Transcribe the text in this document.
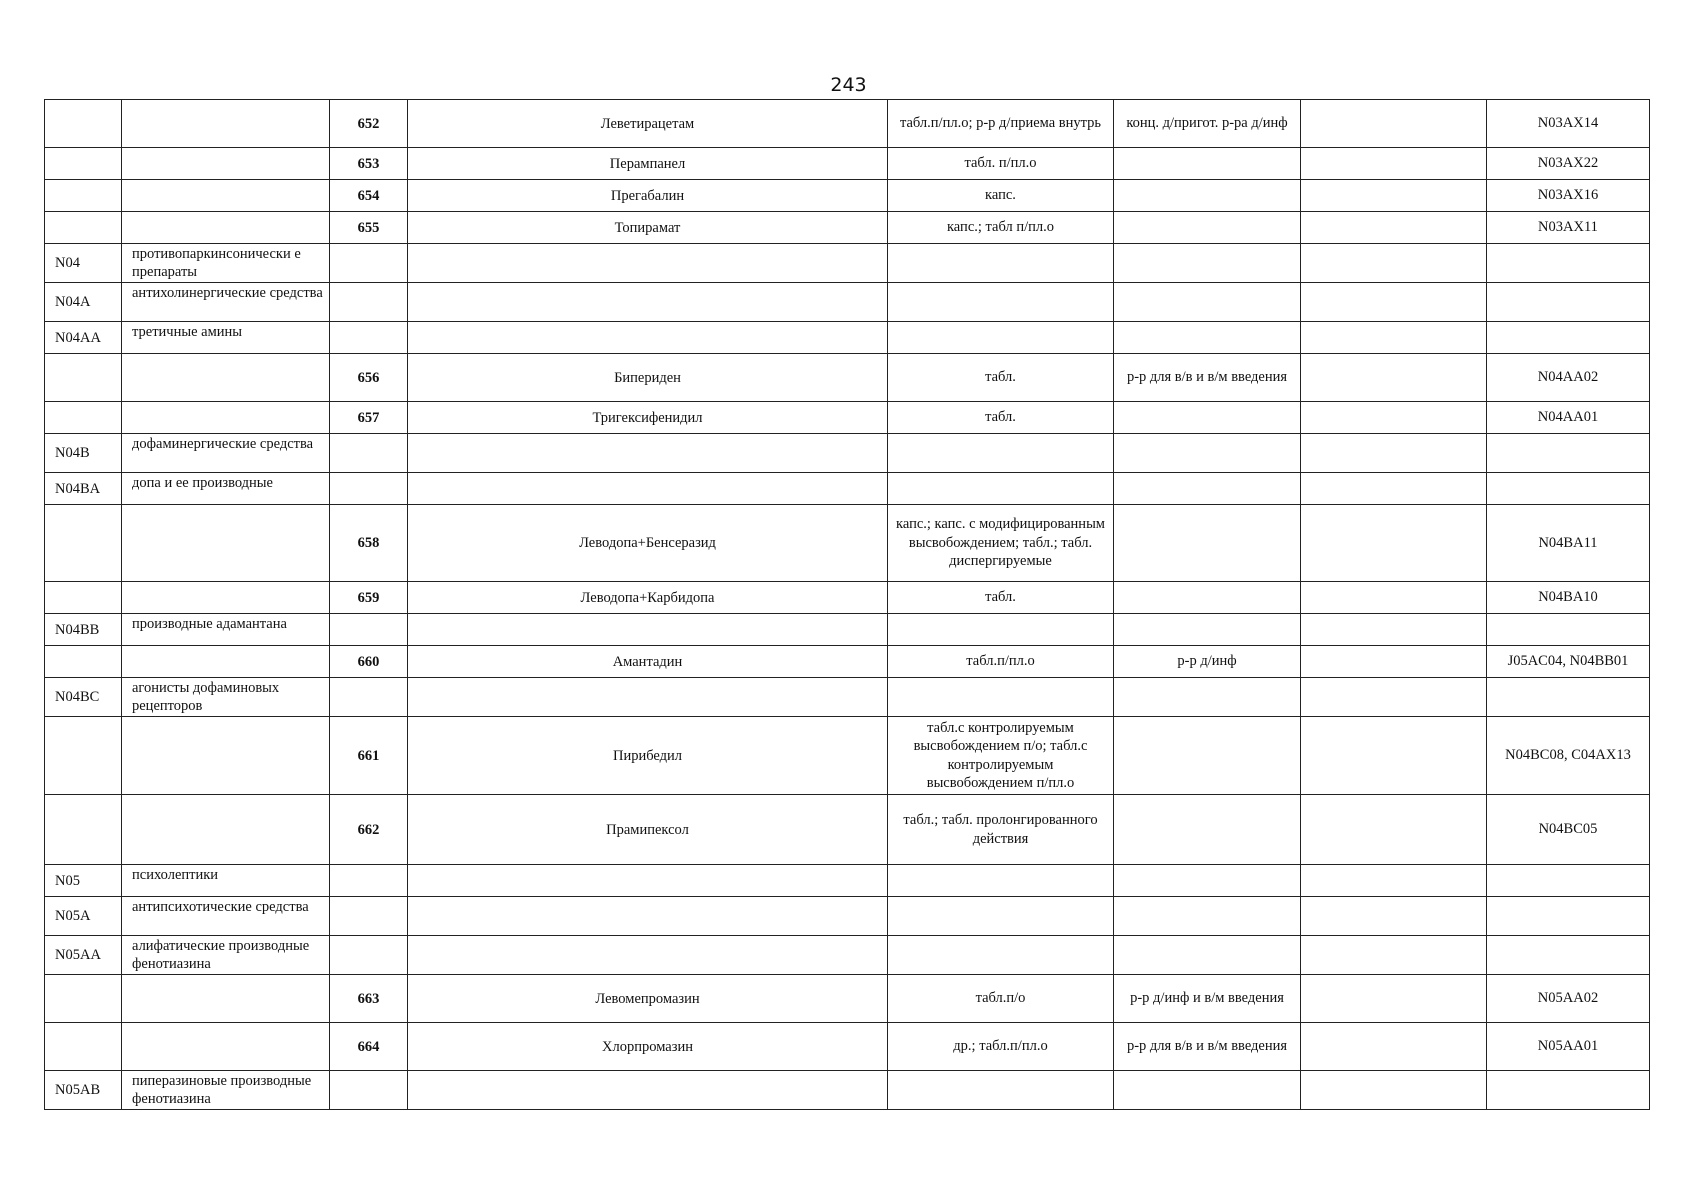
243
		652	Леветирацетам	табл.п/пл.о; р-р д/приема внутрь	конц. д/пригот. р-ра д/инф		N03AX14
		653	Перампанел	табл. п/пл.о			N03AX22
		654	Прегабалин	капс.			N03AX16
		655	Топирамат	капс.; табл п/пл.о			N03AX11
N04	противопаркинсонически е препараты						
N04A	антихолинергические средства						
N04AA	третичные амины						
		656	Бипериден	табл.	р-р для в/в и в/м введения		N04AA02
		657	Тригексифенидил	табл.			N04AA01
N04B	дофаминергические средства						
N04BA	допа и ее производные						
		658	Леводопа+Бенсеразид	капс.; капс. с модифицированным высвобождением; табл.; табл. диспергируемые			N04BA11
		659	Леводопа+Карбидопа	табл.			N04BA10
N04BB	производные адамантана						
		660	Амантадин	табл.п/пл.о	р-р д/инф		J05AC04, N04BB01
N04BC	агонисты дофаминовых рецепторов						
		661	Пирибедил	табл.с контролируемым высвобождением п/о; табл.с контролируемым высвобождением п/пл.о			N04BC08, C04AX13
		662	Прамипексол	табл.; табл. пролонгированного действия			N04BC05
N05	психолептики						
N05A	антипсихотические средства						
N05AA	алифатические производные фенотиазина						
		663	Левомепромазин	табл.п/о	р-р д/инф и в/м введения		N05AA02
		664	Хлорпромазин	др.; табл.п/пл.о	р-р для в/в и в/м введения		N05AA01
N05AB	пиперазиновые производные фенотиазина						
